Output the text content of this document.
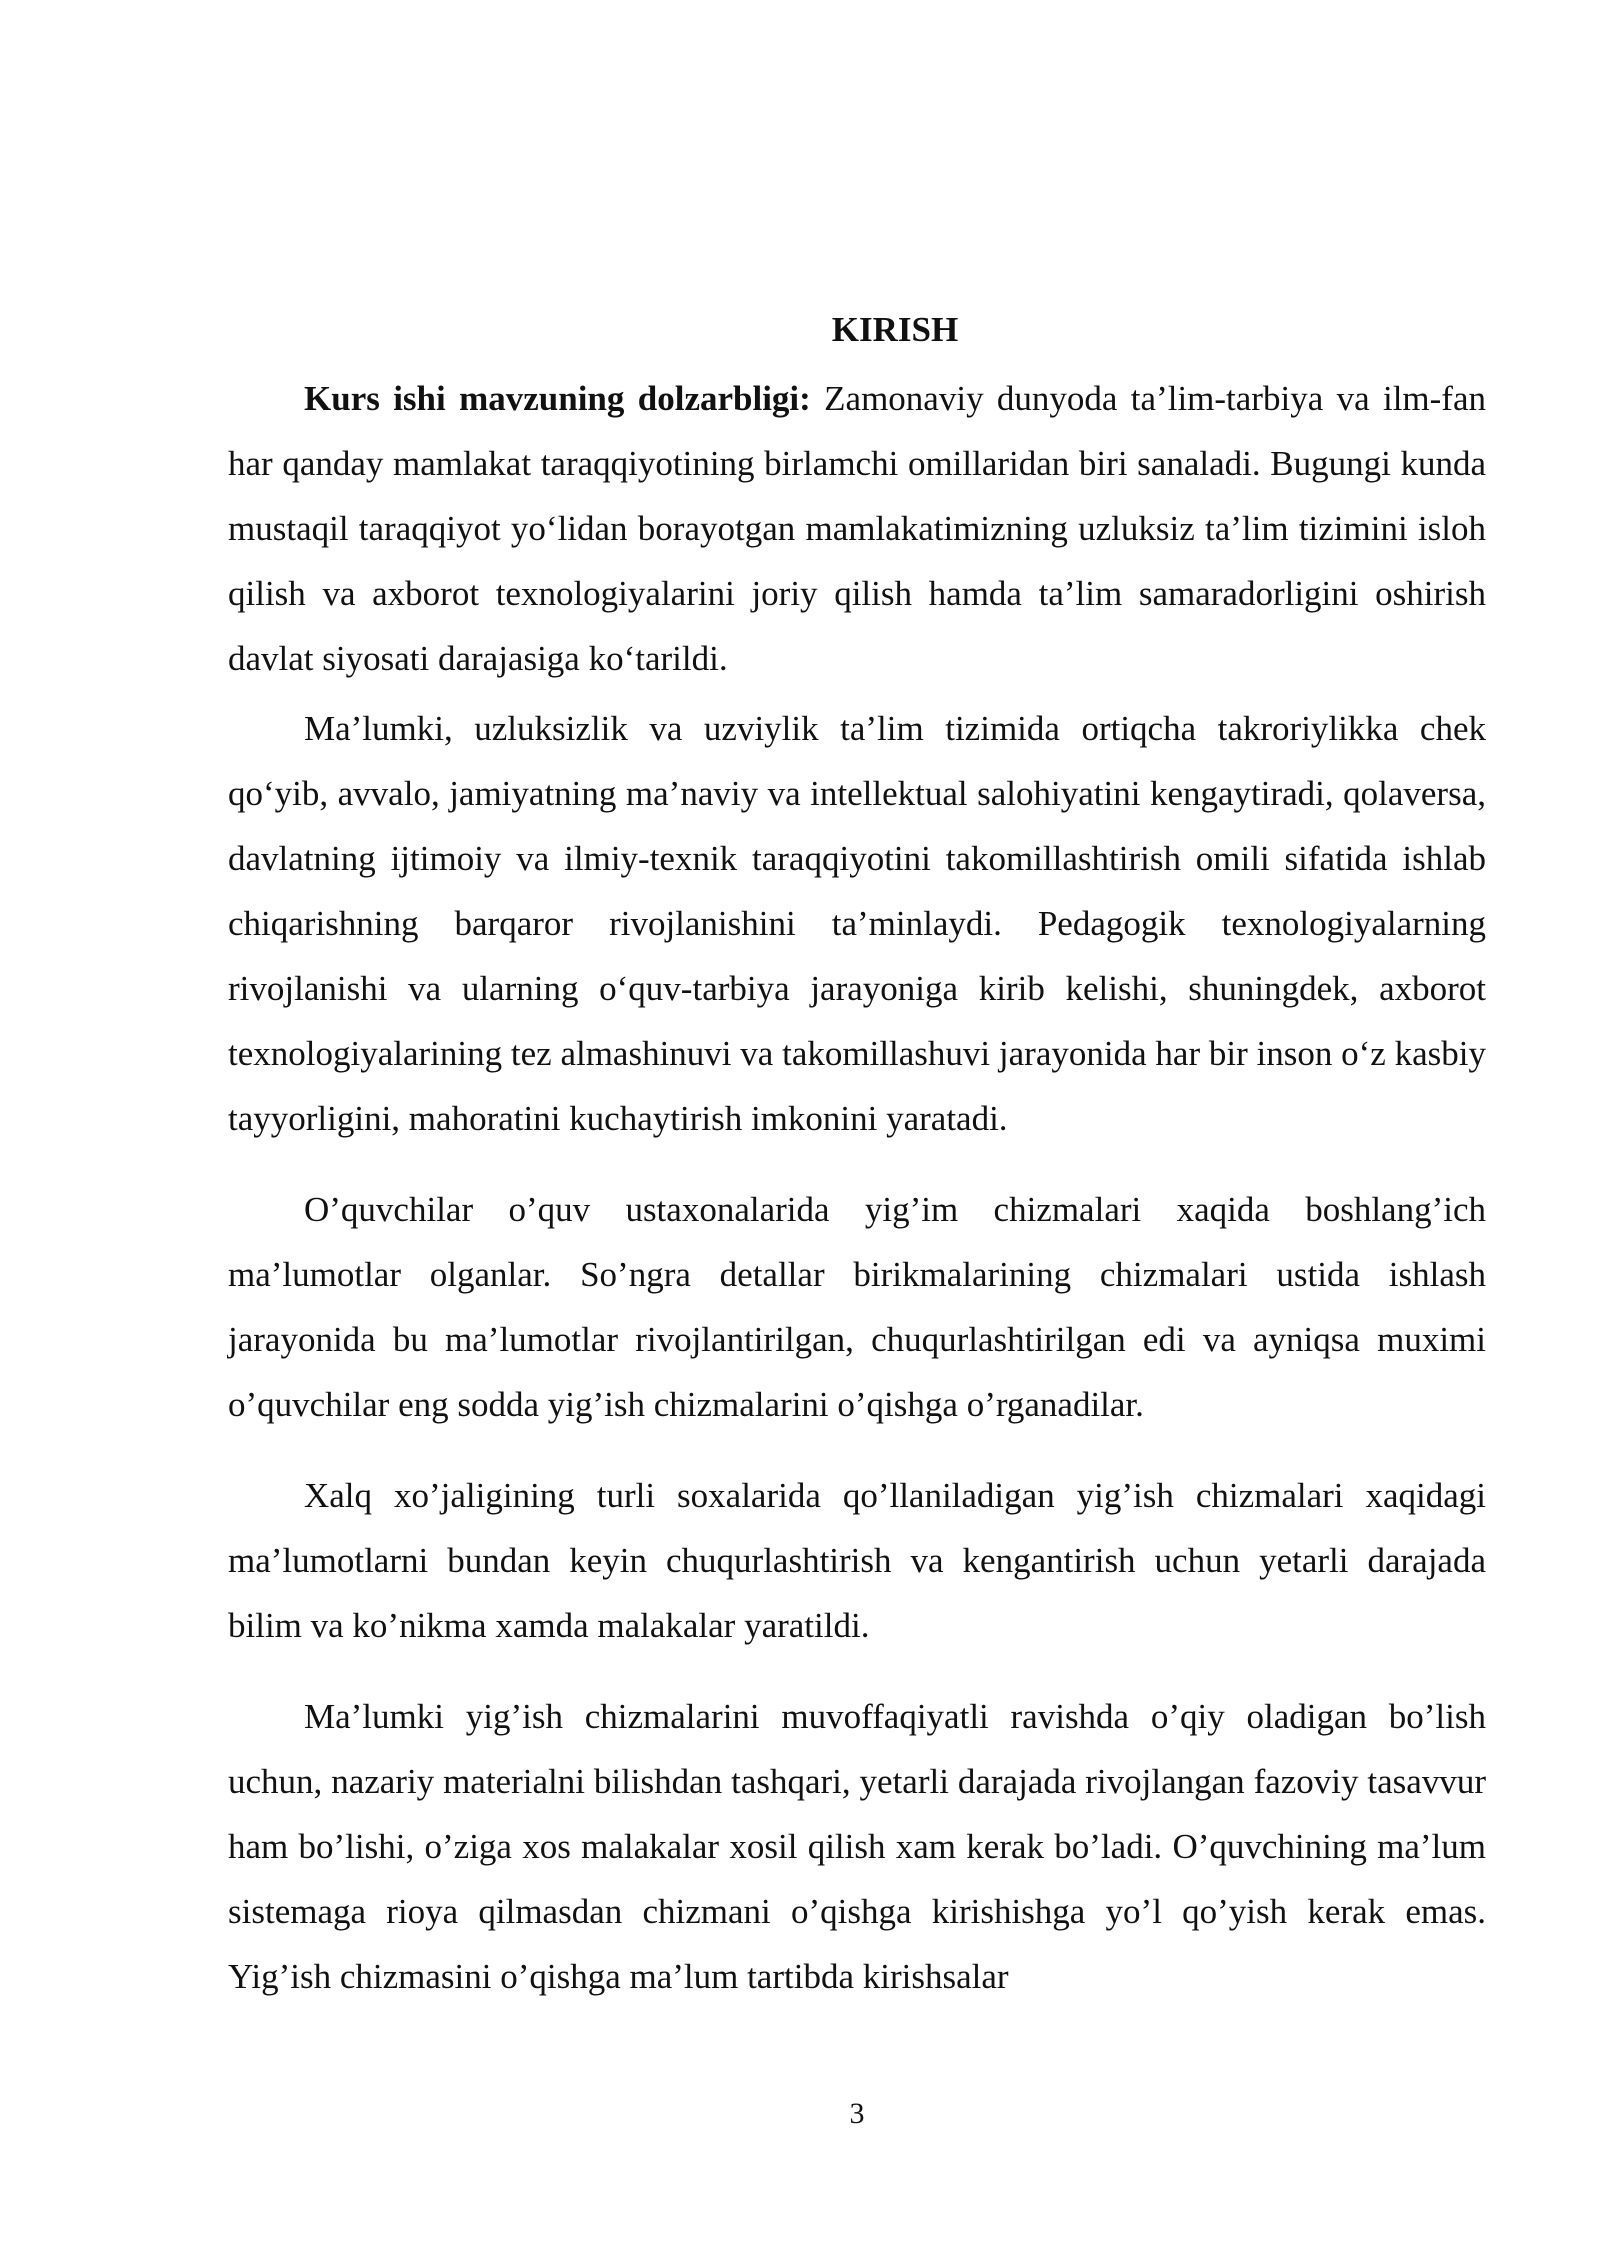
KIRISH

Kurs ishi mavzuning dolzarbligi: Zamonaviy dunyoda ta’lim-tarbiya va ilm-fan har qanday mamlakat taraqqiyotining birlamchi omillaridan biri sanaladi. Bugungi kunda mustaqil taraqqiyot yo‘lidan borayotgan mamlakatimizning uzluksiz ta’lim tizimini isloh qilish va axborot texnologiyalarini joriy qilish hamda ta’lim samaradorligini oshirish davlat siyosati darajasiga ko‘tarildi.

Ma’lumki, uzluksizlik va uzviylik ta’lim tizimida ortiqcha takroriylikka chek qo‘yib, avvalo, jamiyatning ma’naviy va intellektual salohiyatini kengaytiradi, qolaversa, davlatning ijtimoiy va ilmiy-texnik taraqqiyotini takomillashtirish omili sifatida ishlab chiqarishning barqaror rivojlanishini ta’minlaydi. Pedagogik texnologiyalarning rivojlanishi va ularning o‘quv-tarbiya jarayoniga kirib kelishi, shuningdek, axborot texnologiyalarining tez almashinuvi va takomillashuvi jarayonida har bir inson o‘z kasbiy tayyorligini, mahoratini kuchaytirish imkonini yaratadi.

O’quvchilar o’quv ustaxonalarida yig’im chizmalari xaqida boshlang’ich ma’lumotlar olganlar. So’ngra detallar birikmalarining chizmalari ustida ishlash jarayonida bu ma’lumotlar rivojlantirilgan, chuqurlashtirilgan edi va ayniqsa muximi o’quvchilar eng sodda yig’ish chizmalarini o’qishga o’rganadilar.

Xalq xo’jaligining turli soxalarida qo’llaniladigan yig’ish chizmalari xaqidagi ma’lumotlarni bundan keyin chuqurlashtirish va kengantirish uchun yetarli darajada bilim va ko’nikma xamda malakalar yaratildi.

Ma’lumki yig’ish chizmalarini muvoffaqiyatli ravishda o’qiy oladigan bo’lish uchun, nazariy materialni bilishdan tashqari, yetarli darajada rivojlangan fazoviy tasavvur ham bo’lishi, o’ziga xos malakalar xosil qilish xam kerak bo’ladi. O’quvchining ma’lum sistemaga rioya qilmasdan chizmani o’qishga kirishishga yo’l qo’yish kerak emas. Yig’ish chizmasini o’qishga ma’lum tartibda kirishsalar

3
